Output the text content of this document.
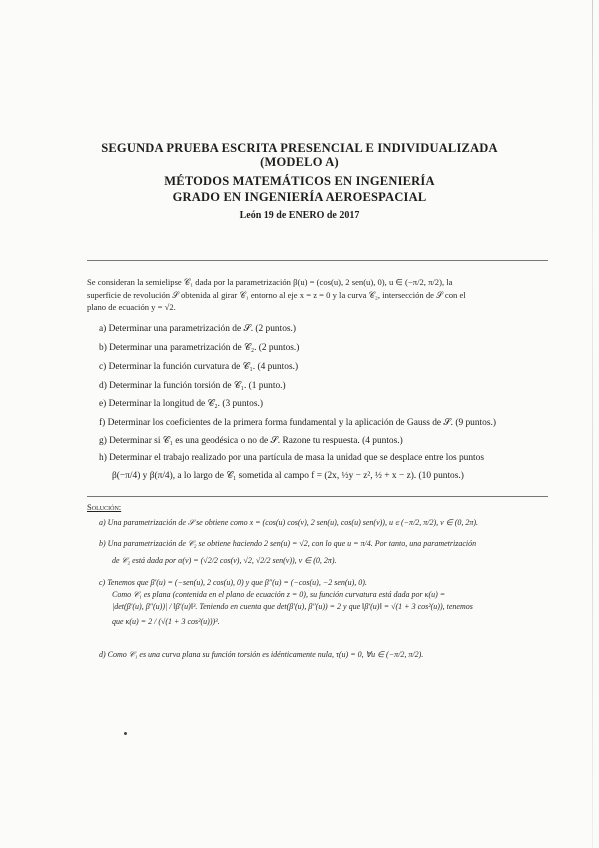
SEGUNDA PRUEBA ESCRITA PRESENCIAL E INDIVIDUALIZADA
(MODELO A)
MÉTODOS MATEMÁTICOS EN INGENIERÍA
GRADO EN INGENIERÍA AEROESPACIAL
León 19 de ENERO de 2017
Se consideran la semielipse 𝒞₁ dada por la parametrización β(u) = (cos(u), 2 sen(u), 0), u ∈ (−π/2, π/2), la
superficie de revolución 𝒮 obtenida al girar 𝒞₁ entorno al eje x = z = 0 y la curva 𝒞₂, intersección de 𝒮 con el
plano de ecuación y = √2.
a) Determinar una parametrización de 𝒮. (2 puntos.)
b) Determinar una parametrización de 𝒞₂. (2 puntos.)
c) Determinar la función curvatura de 𝒞₁. (4 puntos.)
d) Determinar la función torsión de 𝒞₁. (1 punto.)
e) Determinar la longitud de 𝒞₂. (3 puntos.)
f) Determinar los coeficientes de la primera forma fundamental y la aplicación de Gauss de 𝒮. (9 puntos.)
g) Determinar si 𝒞₁ es una geodésica o no de 𝒮. Razone tu respuesta. (4 puntos.)
h) Determinar el trabajo realizado por una partícula de masa la unidad que se desplace entre los puntos
β(−π/4) y β(π/4), a lo largo de 𝒞₁ sometida al campo f = (2x, ½y − z², ½ + x − z). (10 puntos.)
Solución:
a) Una parametrización de 𝒮 se obtiene como x = (cos(u) cos(v), 2 sen(u), cos(u) sen(v)), u ∈ (−π/2, π/2), v ∈ (0, 2π).
b) Una parametrización de 𝒞₂ se obtiene haciendo 2 sen(u) = √2, con lo que u = π/4. Por tanto, una parametrización
de 𝒞₂ está dada por α(v) = (√2/2 cos(v), √2, √2/2 sen(v)), v ∈ (0, 2π).
c) Tenemos que β′(u) = (−sen(u), 2 cos(u), 0) y que β″(u) = (−cos(u), −2 sen(u), 0).
Como 𝒞₁ es plana (contenida en el plano de ecuación z = 0), su función curvatura está dada por κ(u) =
|det(β′(u), β″(u))| / ‖β′(u)‖³. Teniendo en cuenta que det(β′(u), β″(u)) = 2 y que ‖β′(u)‖ = √(1 + 3 cos²(u)), tenemos
que κ(u) = 2 / (√(1 + 3 cos²(u)))³.
d) Como 𝒞₁ es una curva plana su función torsión es idénticamente nula, τ(u) = 0, ∀u ∈ (−π/2, π/2).
